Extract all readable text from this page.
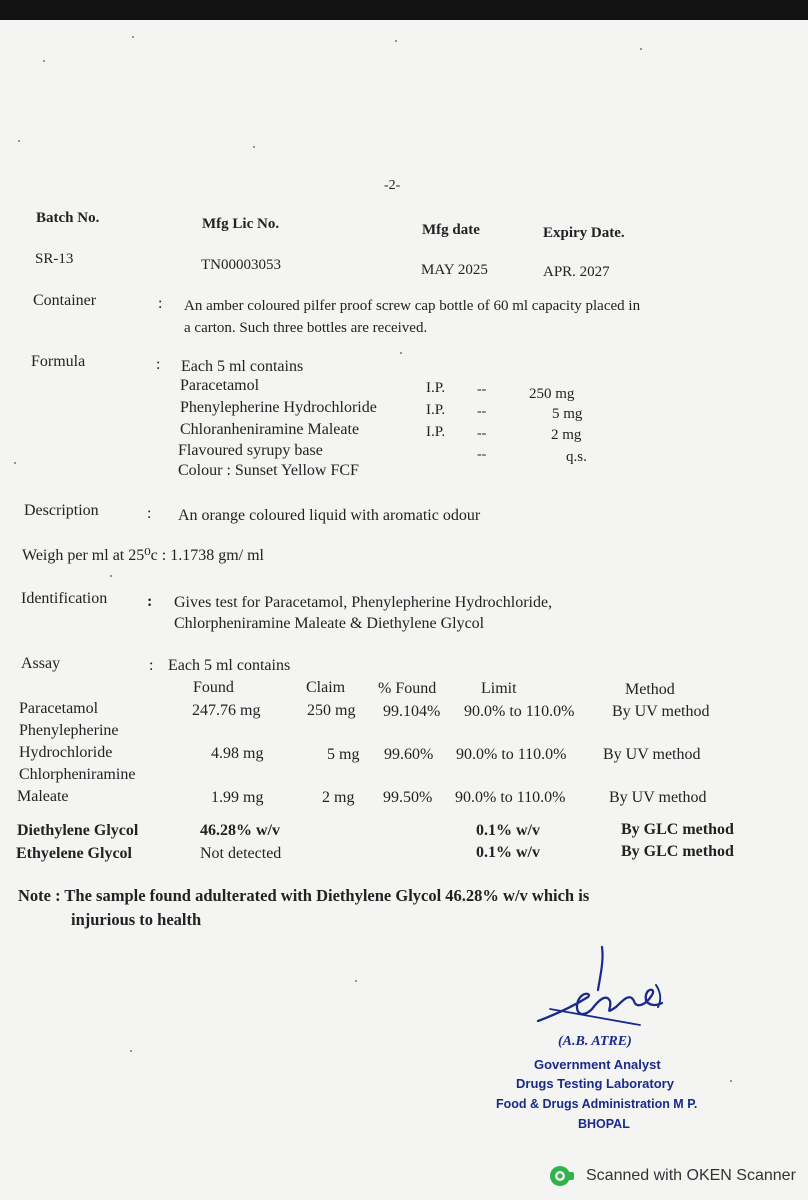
-2-
Batch No.	Mfg Lic No.	Mfg date	Expiry Date.
SR-13	TN00003053	MAY 2025	APR. 2027
Container	: An amber coloured pilfer proof screw cap bottle of 60 ml capacity placed in
a carton. Such three bottles are received.
Formula	: Each 5 ml contains
Paracetamol	I.P. --	250 mg
Phenylepherine Hydrochloride	I.P. --	5 mg
Chloranheniramine Maleate	I.P. --	2 mg
Flavoured syrupy base	--	q.s.
Colour : Sunset Yellow FCF
Description	: An orange coloured liquid with aromatic odour
Weigh per ml at 25⁰c : 1.1738 gm/ ml
Identification : Gives test for Paracetamol, Phenylepherine Hydrochloride,
Chlorpheniramine Maleate & Diethylene Glycol
Assay	: Each 5 ml contains
Found	Claim % Found	Limit	Method
Paracetamol	247.76 mg	250 mg 99.104% 90.0% to 110.0% By UV method
Phenylepherine
Hydrochloride	4.98 mg	5 mg 99.60% 90.0% to 110.0% By UV method
Chlorpheniramine
Maleate	1.99 mg	2 mg 99.50% 90.0% to 110.0%	By UV method
Diethylene Glycol	46.28% w/v	0.1% w/v	By GLC method
Ethyelene Glycol	Not detected	0.1% w/v	By GLC method
Note : The sample found adulterated with Diethylene Glycol 46.28% w/v which is
injurious to health
(A.B. ATRE)
Government Analyst
Drugs Testing Laboratory
Food & Drugs Administration M P.
BHOPAL
Scanned with OKEN Scanner
